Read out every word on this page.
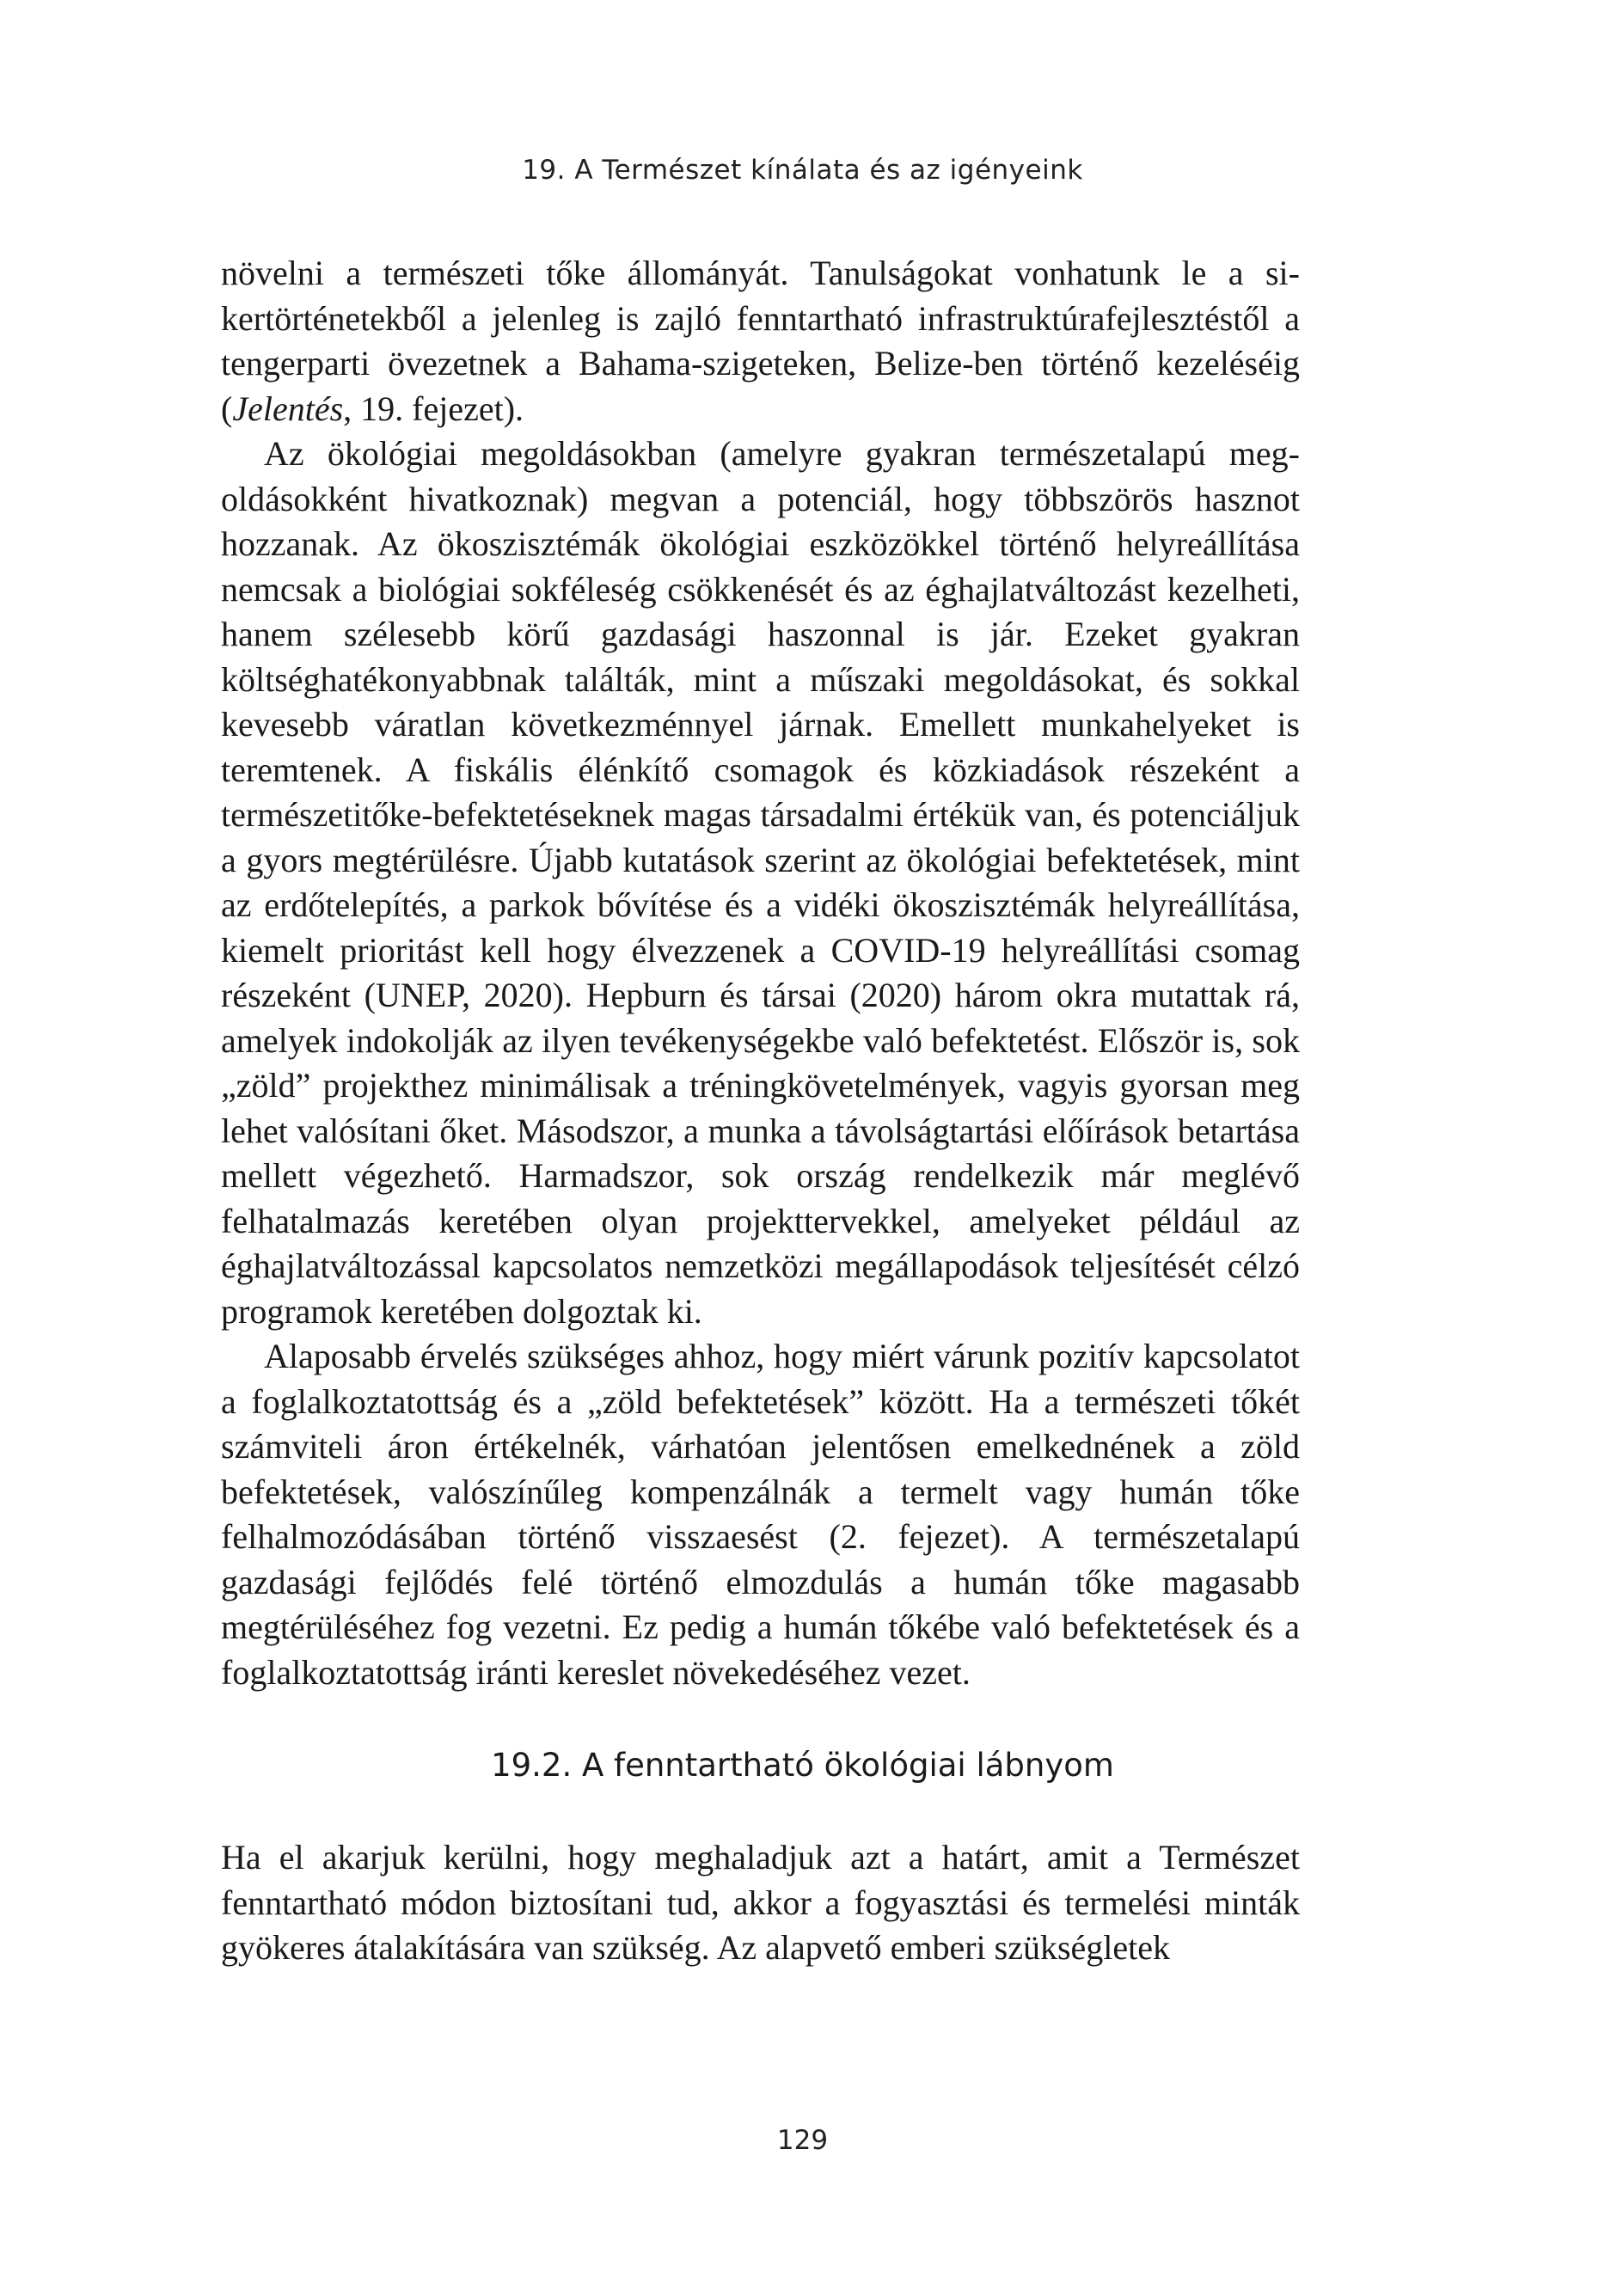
19. A Természet kínálata és az igényeink

növelni a természeti tőke állományát. Tanulságokat vonhatunk le a sikertörténetekből a jelenleg is zajló fenntartható infrastruktúrafejlesztéstől a tengerparti övezetnek a Bahama-szigeteken, Belize-ben történő kezeléséig (Jelentés, 19. fejezet).

Az ökológiai megoldásokban (amelyre gyakran természetalapú megoldásokként hivatkoznak) megvan a potenciál, hogy többszörös hasznot hozzanak. Az ökoszisztémák ökológiai eszközökkel történő helyreállítása nemcsak a biológiai sokféleség csökkenését és az éghajlatváltozást kezelheti, hanem szélesebb körű gazdasági haszonnal is jár. Ezeket gyakran költséghatékonyabbnak találták, mint a műszaki megoldásokat, és sokkal kevesebb váratlan következménnyel járnak. Emellett munkahelyeket is teremtenek. A fiskális élénkítő csomagok és közkiadások részeként a természetitőke-befektetéseknek magas társadalmi értékük van, és potenciáljuk a gyors megtérülésre. Újabb kutatások szerint az ökológiai befektetések, mint az erdőtelepítés, a parkok bővítése és a vidéki ökoszisztémák helyreállítása, kiemelt prioritást kell hogy élvezzenek a COVID-19 helyreállítási csomag részeként (UNEP, 2020). Hepburn és társai (2020) három okra mutattak rá, amelyek indokolják az ilyen tevékenységekbe való befektetést. Először is, sok „zöld” projekthez minimálisak a tréningkövetelmények, vagyis gyorsan meg lehet valósítani őket. Másodszor, a munka a távolságtartási előírások betartása mellett végezhető. Harmadszor, sok ország rendelkezik már meglévő felhatalmazás keretében olyan projekttervekkel, amelyeket például az éghajlatváltozással kapcsolatos nemzetközi megállapodások teljesítését célzó programok keretében dolgoztak ki.

Alaposabb érvelés szükséges ahhoz, hogy miért várunk pozitív kapcsolatot a foglalkoztatottság és a „zöld befektetések” között. Ha a természeti tőkét számviteli áron értékelnék, várhatóan jelentősen emelkednének a zöld befektetések, valószínűleg kompenzálnák a termelt vagy humán tőke felhalmozódásában történő visszaesést (2. fejezet). A természetalapú gazdasági fejlődés felé történő elmozdulás a humán tőke magasabb megtérüléséhez fog vezetni. Ez pedig a humán tőkébe való befektetések és a foglalkoztatottság iránti kereslet növekedéséhez vezet.

19.2. A fenntartható ökológiai lábnyom

Ha el akarjuk kerülni, hogy meghaladjuk azt a határt, amit a Természet fenntartható módon biztosítani tud, akkor a fogyasztási és termelési minták gyökeres átalakítására van szükség. Az alapvető emberi szükségletek

129
